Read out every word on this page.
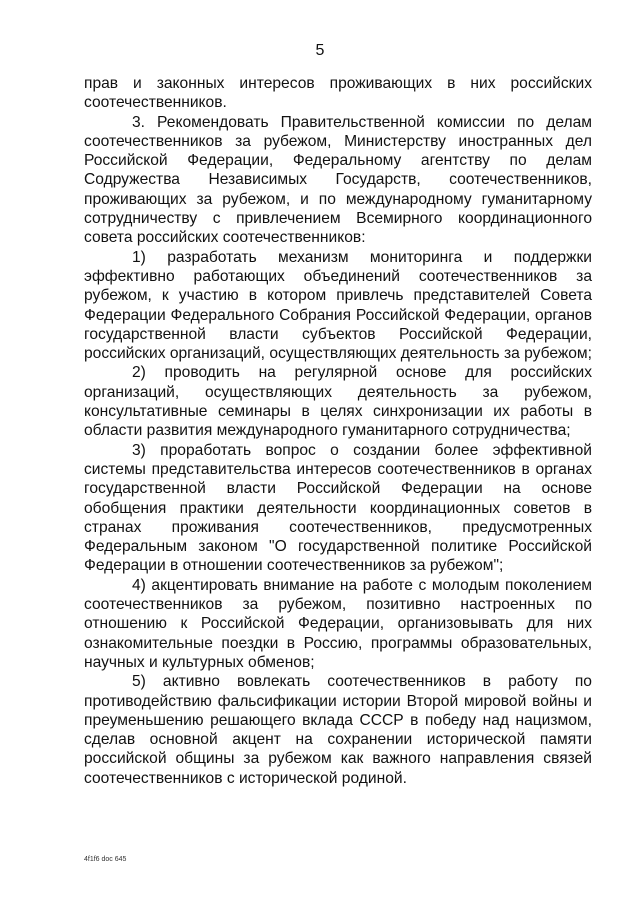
5

прав и законных интересов проживающих в них российских соотечественников.

3. Рекомендовать Правительственной комиссии по делам соотечественников за рубежом, Министерству иностранных дел Российской Федерации, Федеральному агентству по делам Содружества Независимых Государств, соотечественников, проживающих за рубежом, и по международному гуманитарному сотрудничеству с привлечением Всемирного координационного совета российских соотечественников:

1) разработать механизм мониторинга и поддержки эффективно работающих объединений соотечественников за рубежом, к участию в котором привлечь представителей Совета Федерации Федерального Собрания Российской Федерации, органов государственной власти субъектов Российской Федерации, российских организаций, осуществляющих деятельность за рубежом;

2) проводить на регулярной основе для российских организаций, осуществляющих деятельность за рубежом, консультативные семинары в целях синхронизации их работы в области развития международного гуманитарного сотрудничества;

3) проработать вопрос о создании более эффективной системы представительства интересов соотечественников в органах государственной власти Российской Федерации на основе обобщения практики деятельности координационных советов в странах проживания соотечественников, предусмотренных Федеральным законом "О государственной политике Российской Федерации в отношении соотечественников за рубежом";

4) акцентировать внимание на работе с молодым поколением соотечественников за рубежом, позитивно настроенных по отношению к Российской Федерации, организовывать для них ознакомительные поездки в Россию, программы образовательных, научных и культурных обменов;

5) активно вовлекать соотечественников в работу по противодействию фальсификации истории Второй мировой войны и преуменьшению решающего вклада СССР в победу над нацизмом, сделав основной акцент на сохранении исторической памяти российской общины за рубежом как важного направления связей соотечественников с исторической родиной.

4f1f6 doc 645
